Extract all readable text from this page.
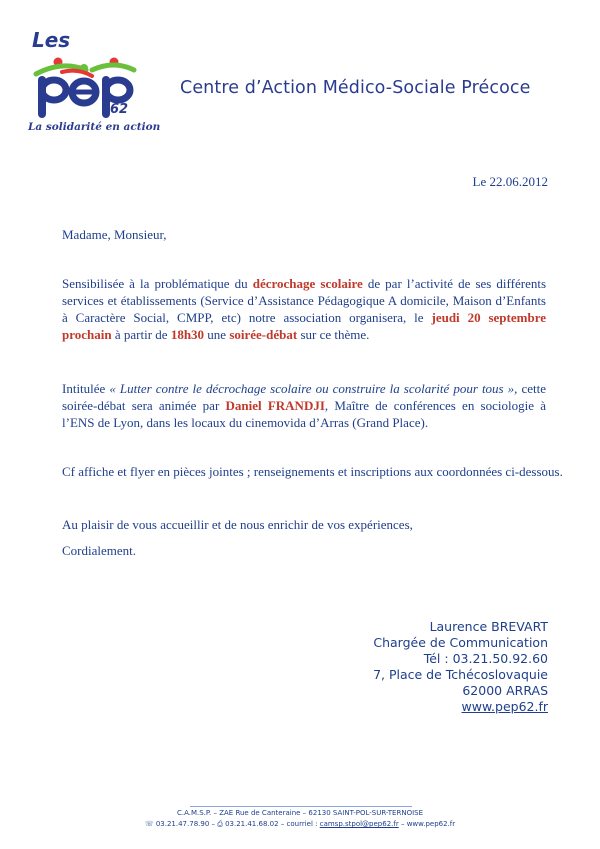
Les
62
La solidarité en action
Centre d’Action Médico-Sociale Précoce
Le 22.06.2012
Madame, Monsieur,
Sensibilisée à la problématique du décrochage scolaire de par l’activité de ses différents services et établissements (Service d’Assistance Pédagogique A domicile, Maison d’Enfants à Caractère Social, CMPP, etc) notre association organisera, le jeudi 20 septembre prochain à partir de 18h30 une soirée-débat sur ce thème.
Intitulée « Lutter contre le décrochage scolaire ou construire la scolarité pour tous », cette soirée-débat sera animée par Daniel FRANDJI, Maître de conférences en sociologie à l’ENS de Lyon, dans les locaux du cinemovida d’Arras (Grand Place).
Cf affiche et flyer en pièces jointes ; renseignements et inscriptions aux coordonnées ci-dessous.
Au plaisir de vous accueillir et de nous enrichir de vos expériences,
Cordialement.
Laurence BREVART
Chargée de Communication
Tél : 03.21.50.92.60
7, Place de Tchécoslovaquie
62000 ARRAS
www.pep62.fr
C.A.M.S.P. – ZAE Rue de Canteraine – 62130 SAINT-POL-SUR-TERNOISE
☏ 03.21.47.78.90 – ⎙ 03.21.41.68.02 – courriel : camsp.stpol@pep62.fr – www.pep62.fr
